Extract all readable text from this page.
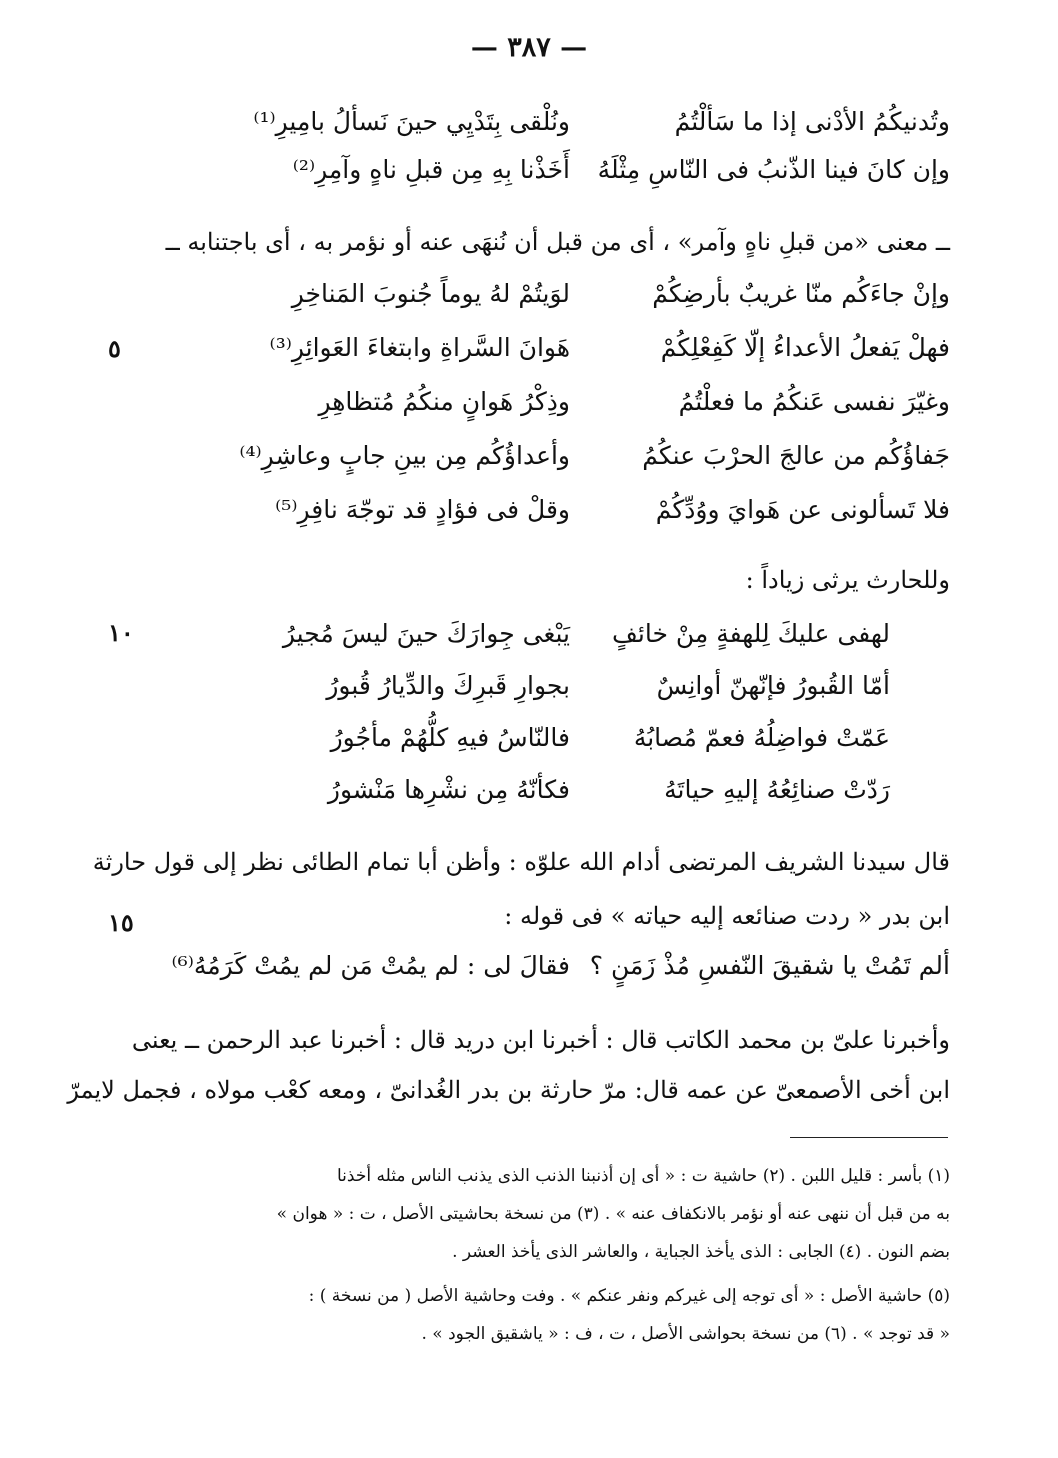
— ٣٨٧ —
وتُدنيكُمُ الأدْنى إذا ما سَألْتُمُ
ونُلْقى بِتَدْيِي حينَ نَسألُ بامِيرِ⁽¹⁾
وإن كانَ فينا الذّنبُ فى النّاسِ مِثْلَهُ
أَخَذْنا بِهِ مِن قبلِ ناهٍ وآمِرِ⁽²⁾
ــ معنى «من قبلِ ناهٍ وآمر» ، أى من قبل أن نُنهَى عنه أو نؤمر به ، أى باجتنابه ــ
وإنْ جاءَكُم منّا غريبٌ بأرضِكُمْ
لوَيتُمْ لهُ يوماً جُنوبَ المَناخِرِ
فهلْ يَفعلُ الأعداءُ إلّا كَفِعْلِكُمْ
هَوانَ السَّراةِ وابتغاءَ العَوائِرِ⁽³⁾
٥
وغيّرَ نفسى عَنكُمُ ما فعلْتُمُ
وذِكْرُ هَوانٍ منكُمُ مُتظاهِرِ
جَفاؤُكُم من عالجَ الحرْبَ عنكُمُ
وأعداؤُكُم مِن بينِ جابٍ وعاشِرِ⁽⁴⁾
فلا تَسألونى عن هَوايَ ووُدِّكُمْ
وقلْ فى فؤادٍ قد توجّهَ نافِرِ⁽⁵⁾
وللحارث يرثى زياداً :
لهفى عليكَ لِلهفةٍ مِنْ خائفٍ
يَبْغى جِوارَكَ حينَ ليسَ مُجيرُ
١٠
أمّا القُبورُ فإنّهنّ أوانِسٌ
بجوارِ قَبرِكَ والدِّيارُ قُبورُ
عَمّتْ فواضِلُهُ فعمّ مُصابُهُ
فالنّاسُ فيهِ كلُّهُمْ مأجُورُ
رَدّتْ صنائِعُهُ إليهِ حياتَهُ
فكأنّهُ مِن نشْرِها مَنْشورُ
قال سيدنا الشريف المرتضى أدام الله علوّه : وأظن أبا تمام الطائى نظر إلى قول حارثة
ابن بدر « ردت صنائعه إليه حياته » فى قوله :
١٥
ألم تَمُتْ يا شقيقَ النّفسِ مُذْ زَمَنٍ ؟
فقالَ لى : لم يمُتْ مَن لم يمُتْ كَرَمُهُ⁽⁶⁾
وأخبرنا علىّ بن محمد الكاتب قال : أخبرنا ابن دريد قال : أخبرنا عبد الرحمن ــ يعنى
ابن أخى الأصمعىّ عن عمه قال: مرّ حارثة بن بدر الغُدانىّ ، ومعه كعْب مولاه ، فجمل لايمرّ
(١) بأسر : قليل اللبن . (٢) حاشية ت : « أى إن أذنبنا الذنب الذى يذنب الناس مثله أخذنا
به من قبل أن ننهى عنه أو نؤمر بالانكفاف عنه » . (٣) من نسخة بحاشيتى الأصل ، ت : « هوان »
بضم النون . (٤) الجابى : الذى يأخذ الجباية ، والعاشر الذى يأخذ العشر .
(٥) حاشية الأصل : « أى توجه إلى غيركم ونفر عنكم » . وفت وحاشية الأصل ( من نسخة ) :
« قد توجد » . (٦) من نسخة بحواشى الأصل ، ت ، ف : « ياشقيق الجود » .
